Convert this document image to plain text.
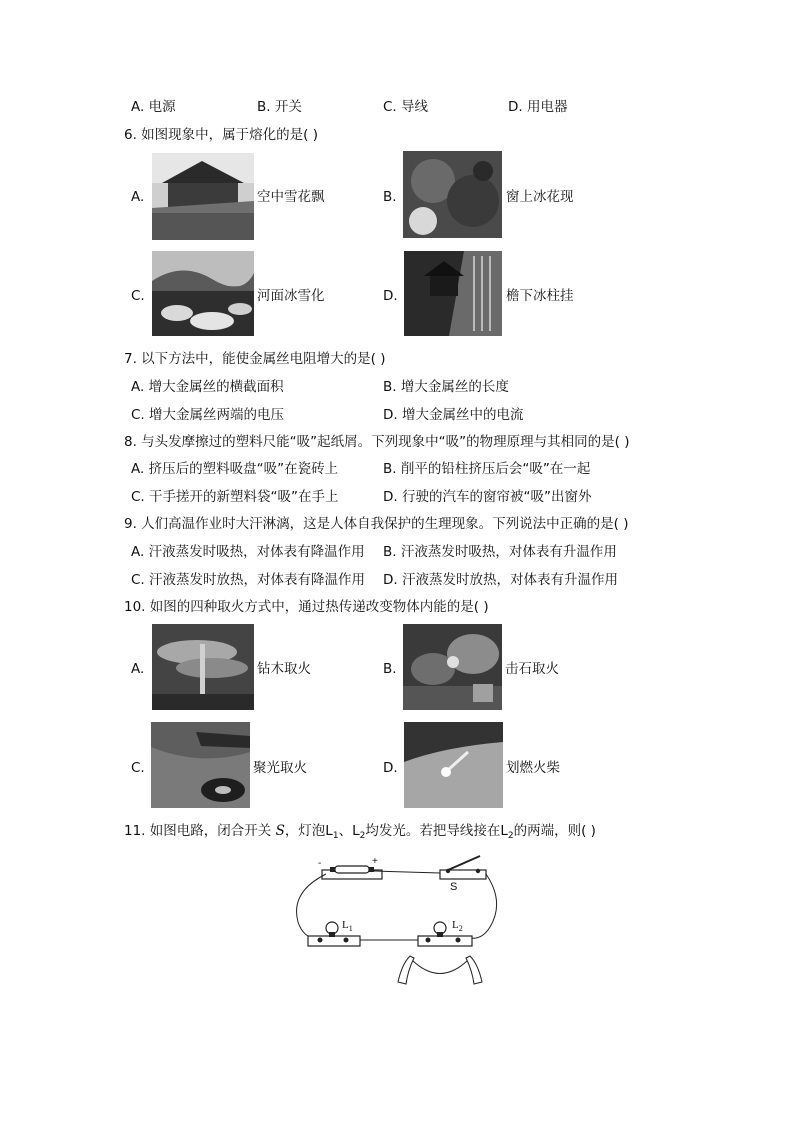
A. 电源	B. 开关	C. 导线	D. 用电器
6. 如图现象中，属于熔化的是( )
A.	空中雪花飘	B.	窗上冰花现
C.	河面冰雪化	D.	檐下冰柱挂
7. 以下方法中，能使金属丝电阻增大的是( )
A. 增大金属丝的横截面积	B. 增大金属丝的长度
C. 增大金属丝两端的电压	D. 增大金属丝中的电流
8. 与头发摩擦过的塑料尺能“吸”起纸屑。下列现象中“吸”的物理原理与其相同的是( )
A. 挤压后的塑料吸盘“吸”在瓷砖上	B. 削平的铅柱挤压后会“吸”在一起
C. 干手搓开的新塑料袋“吸”在手上	D. 行驶的汽车的窗帘被“吸”出窗外
9. 人们高温作业时大汗淋漓，这是人体自我保护的生理现象。下列说法中正确的是( )
A. 汗液蒸发时吸热，对体表有降温作用 B. 汗液蒸发时吸热，对体表有升温作用
C. 汗液蒸发时放热，对体表有降温作用 D. 汗液蒸发时放热，对体表有升温作用
10. 如图的四种取火方式中，通过热传递改变物体内能的是( )
A.	钻木取火	B.	击石取火
C.	聚光取火	D.	划燃火柴
11. 如图电路，闭合开关 S，灯泡$L_1$、$L_2$均发光。若把导线接在$L_2$的两端，则( )
-	+
S
$L_1$	$L_2$
